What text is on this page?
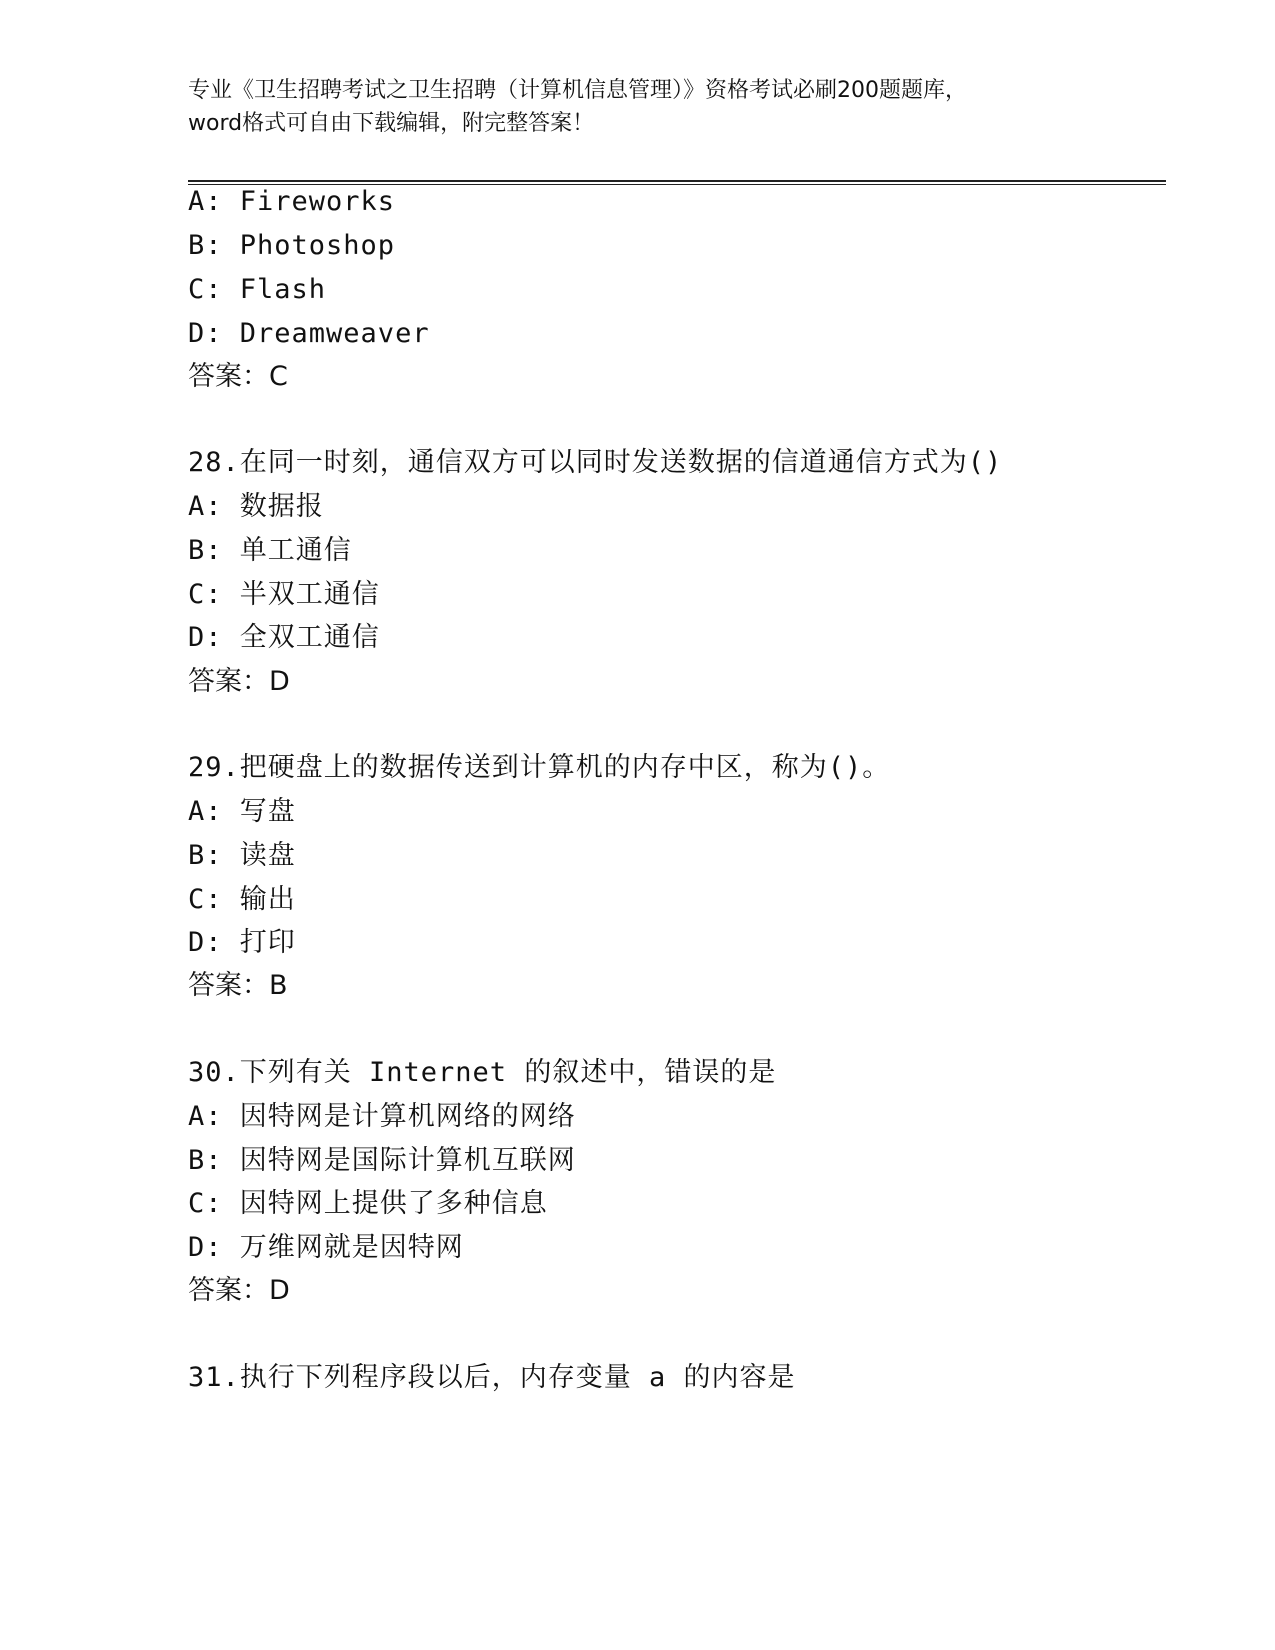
专业《卫生招聘考试之卫生招聘（计算机信息管理）》资格考试必刷200题题库，
word格式可自由下载编辑，附完整答案！
A: Fireworks
B: Photoshop
C: Flash
D: Dreamweaver
答案：C
28.在同一时刻，通信双方可以同时发送数据的信道通信方式为()
A: 数据报
B: 单工通信
C: 半双工通信
D: 全双工通信
答案：D
29.把硬盘上的数据传送到计算机的内存中区，称为()。
A: 写盘
B: 读盘
C: 输出
D: 打印
答案：B
30.下列有关 Internet 的叙述中，错误的是
A: 因特网是计算机网络的网络
B: 因特网是国际计算机互联网
C: 因特网上提供了多种信息
D: 万维网就是因特网
答案：D
31.执行下列程序段以后，内存变量 a 的内容是
